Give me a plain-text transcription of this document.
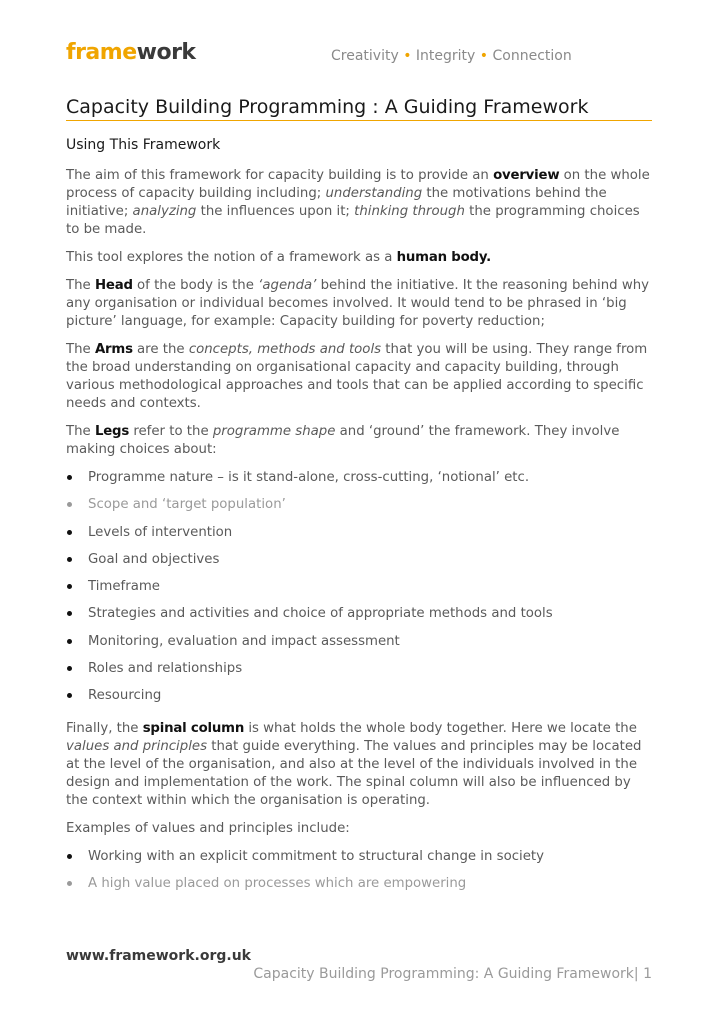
framework	Creativity • Integrity • Connection
Capacity Building Programming : A Guiding Framework
Using This Framework

The aim of this framework for capacity building is to provide an overview on the whole process of capacity building including; understanding the motivations behind the initiative; analyzing the influences upon it; thinking through the programming choices to be made.

This tool explores the notion of a framework as a human body.

The Head of the body is the ‘agenda’ behind the initiative. It the reasoning behind why any organisation or individual becomes involved. It would tend to be phrased in ‘big picture’ language, for example: Capacity building for poverty reduction;

The Arms are the concepts, methods and tools that you will be using. They range from the broad understanding on organisational capacity and capacity building, through various methodological approaches and tools that can be applied according to specific needs and contexts.

The Legs refer to the programme shape and ‘ground’ the framework. They involve making choices about:

Programme nature – is it stand-alone, cross-cutting, ‘notional’ etc.
Scope and ‘target population’
Levels of intervention
Goal and objectives
Timeframe
Strategies and activities and choice of appropriate methods and tools
Monitoring, evaluation and impact assessment
Roles and relationships
Resourcing

Finally, the spinal column is what holds the whole body together. Here we locate the values and principles that guide everything. The values and principles may be located at the level of the organisation, and also at the level of the individuals involved in the design and implementation of the work. The spinal column will also be influenced by the context within which the organisation is operating.

Examples of values and principles include:

Working with an explicit commitment to structural change in society
A high value placed on processes which are empowering
www.framework.org.uk
Capacity Building Programming: A Guiding Framework| 1
